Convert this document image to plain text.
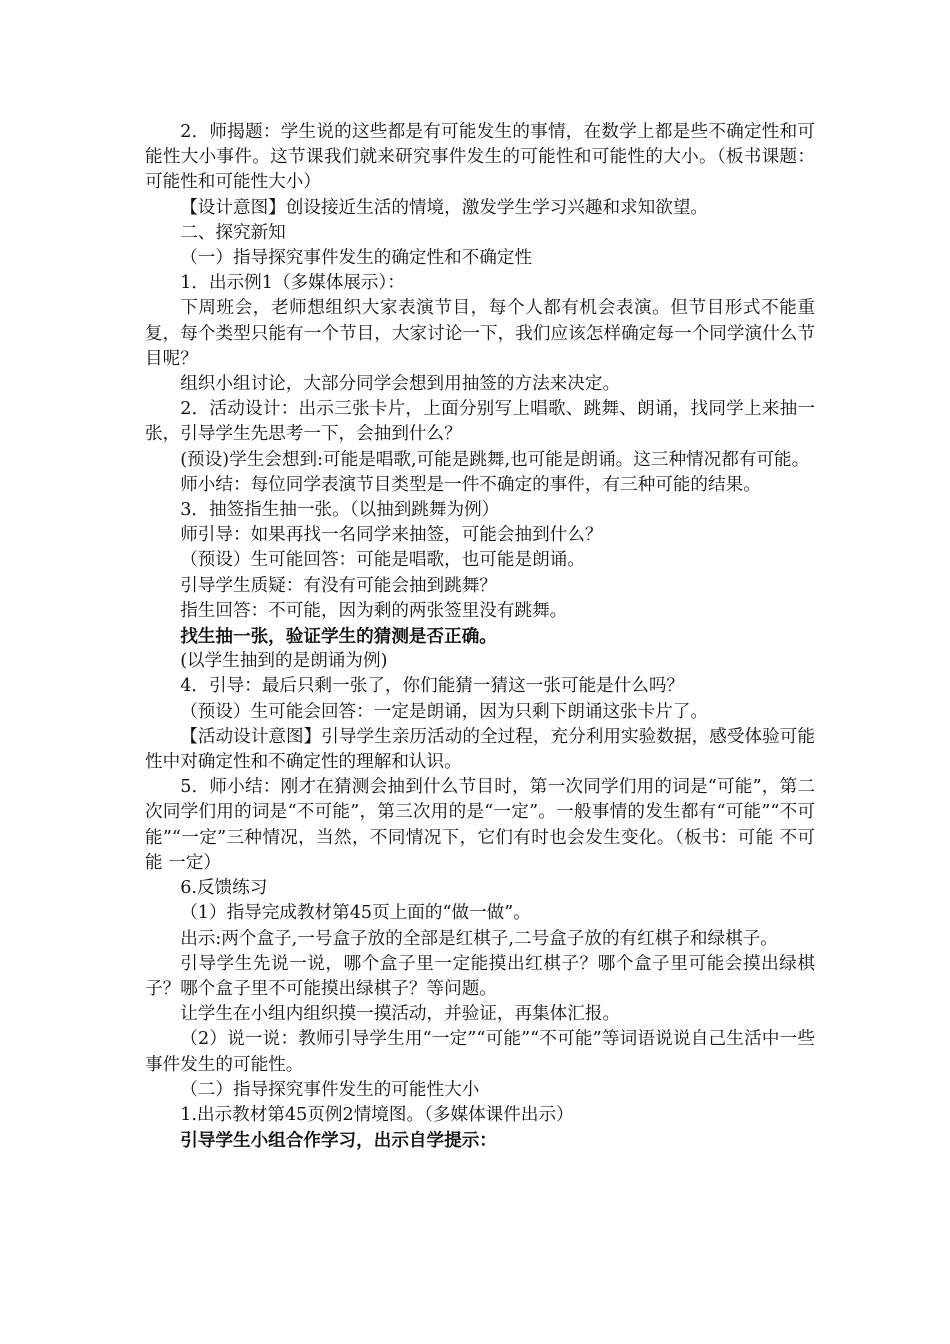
2．师揭题：学生说的这些都是有可能发生的事情，在数学上都是些不确定性和可能性大小事件。这节课我们就来研究事件发生的可能性和可能性的大小。（板书课题：可能性和可能性大小）

【设计意图】创设接近生活的情境，激发学生学习兴趣和求知欲望。

二、探究新知

（一）指导探究事件发生的确定性和不确定性

1．出示例1（多媒体展示）：

下周班会，老师想组织大家表演节目，每个人都有机会表演。但节目形式不能重复，每个类型只能有一个节目，大家讨论一下，我们应该怎样确定每一个同学演什么节目呢？

组织小组讨论，大部分同学会想到用抽签的方法来决定。

2．活动设计：出示三张卡片，上面分别写上唱歌、跳舞、朗诵，找同学上来抽一张，引导学生先思考一下，会抽到什么？

(预设)学生会想到:可能是唱歌,可能是跳舞,也可能是朗诵。这三种情况都有可能。

师小结：每位同学表演节目类型是一件不确定的事件，有三种可能的结果。

3．抽签指生抽一张。（以抽到跳舞为例）

师引导：如果再找一名同学来抽签，可能会抽到什么？

（预设）生可能回答：可能是唱歌，也可能是朗诵。

引导学生质疑：有没有可能会抽到跳舞？

指生回答：不可能，因为剩的两张签里没有跳舞。

找生抽一张，验证学生的猜测是否正确。

(以学生抽到的是朗诵为例)

4．引导：最后只剩一张了，你们能猜一猜这一张可能是什么吗？

（预设）生可能会回答：一定是朗诵，因为只剩下朗诵这张卡片了。

【活动设计意图】引导学生亲历活动的全过程，充分利用实验数据，感受体验可能性中对确定性和不确定性的理解和认识。

5．师小结：刚才在猜测会抽到什么节目时，第一次同学们用的词是“可能”，第二次同学们用的词是“不可能”，第三次用的是“一定”。一般事情的发生都有“可能”“不可能”“一定”三种情况，当然，不同情况下，它们有时也会发生变化。（板书：可能 不可能 一定）

6.反馈练习

（1）指导完成教材第45页上面的“做一做”。

出示:两个盒子,一号盒子放的全部是红棋子,二号盒子放的有红棋子和绿棋子。

引导学生先说一说，哪个盒子里一定能摸出红棋子？哪个盒子里可能会摸出绿棋子？哪个盒子里不可能摸出绿棋子？等问题。

让学生在小组内组织摸一摸活动，并验证，再集体汇报。

（2）说一说：教师引导学生用“一定”“可能”“不可能”等词语说说自己生活中一些事件发生的可能性。

（二）指导探究事件发生的可能性大小

1.出示教材第45页例2情境图。（多媒体课件出示）

引导学生小组合作学习，出示自学提示：
